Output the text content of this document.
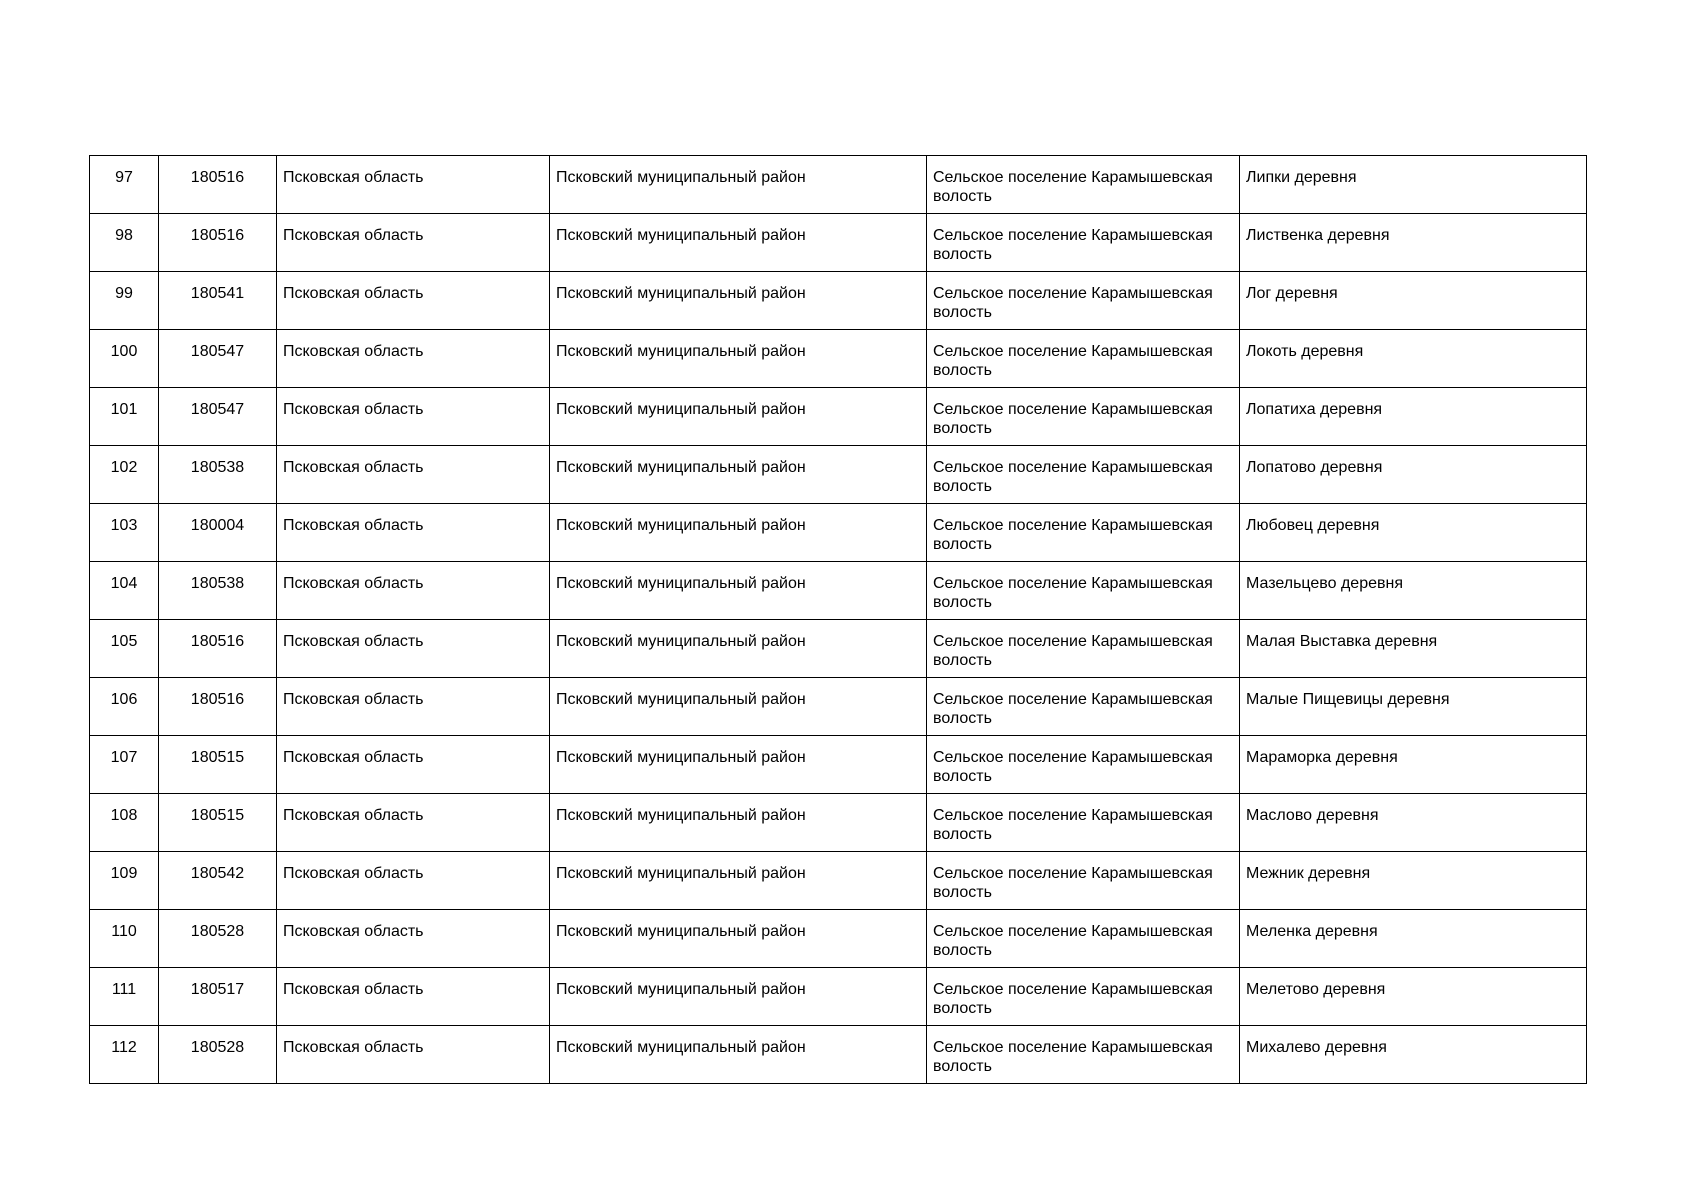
97	180516	Псковская область	Псковский муниципальный район	Сельское поселение Карамышевская волость	Липки деревня
98	180516	Псковская область	Псковский муниципальный район	Сельское поселение Карамышевская волость	Лиственка деревня
99	180541	Псковская область	Псковский муниципальный район	Сельское поселение Карамышевская волость	Лог деревня
100	180547	Псковская область	Псковский муниципальный район	Сельское поселение Карамышевская волость	Локоть деревня
101	180547	Псковская область	Псковский муниципальный район	Сельское поселение Карамышевская волость	Лопатиха деревня
102	180538	Псковская область	Псковский муниципальный район	Сельское поселение Карамышевская волость	Лопатово деревня
103	180004	Псковская область	Псковский муниципальный район	Сельское поселение Карамышевская волость	Любовец деревня
104	180538	Псковская область	Псковский муниципальный район	Сельское поселение Карамышевская волость	Мазельцево деревня
105	180516	Псковская область	Псковский муниципальный район	Сельское поселение Карамышевская волость	Малая Выставка деревня
106	180516	Псковская область	Псковский муниципальный район	Сельское поселение Карамышевская волость	Малые Пищевицы деревня
107	180515	Псковская область	Псковский муниципальный район	Сельское поселение Карамышевская волость	Мараморка деревня
108	180515	Псковская область	Псковский муниципальный район	Сельское поселение Карамышевская волость	Маслово деревня
109	180542	Псковская область	Псковский муниципальный район	Сельское поселение Карамышевская волость	Межник деревня
110	180528	Псковская область	Псковский муниципальный район	Сельское поселение Карамышевская волость	Меленка деревня
111	180517	Псковская область	Псковский муниципальный район	Сельское поселение Карамышевская волость	Мелетово деревня
112	180528	Псковская область	Псковский муниципальный район	Сельское поселение Карамышевская волость	Михалево деревня
